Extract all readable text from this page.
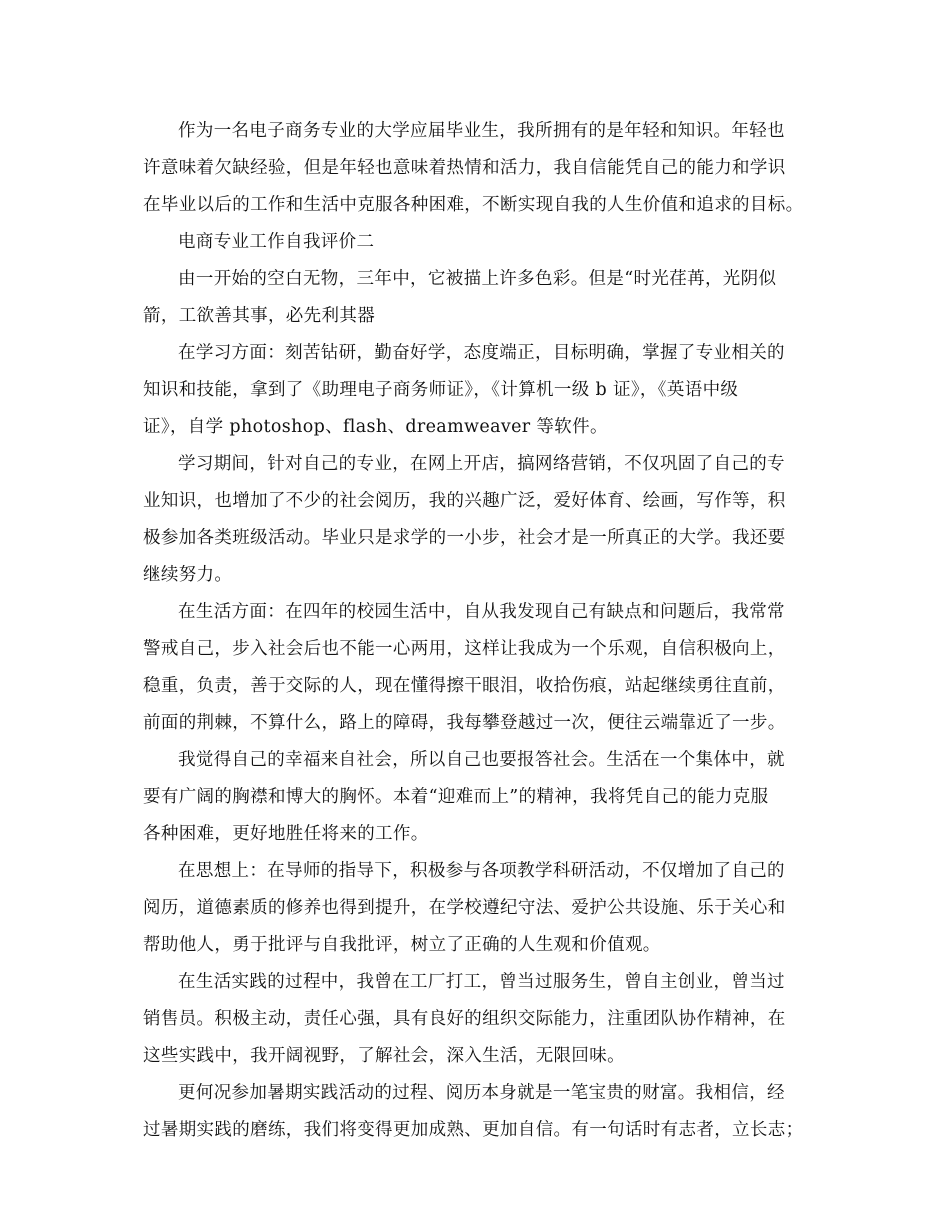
作为一名电子商务专业的大学应届毕业生，我所拥有的是年轻和知识。年轻也
许意味着欠缺经验，但是年轻也意味着热情和活力，我自信能凭自己的能力和学识
在毕业以后的工作和生活中克服各种困难，不断实现自我的人生价值和追求的目标。
电商专业工作自我评价二
由一开始的空白无物，三年中，它被描上许多色彩。但是“时光荏苒，光阴似
箭，工欲善其事，必先利其器
在学习方面：刻苦钻研，勤奋好学，态度端正，目标明确，掌握了专业相关的
知识和技能，拿到了《助理电子商务师证》，《计算机一级 b 证》，《英语中级
证》，自学 photoshop、flash、dreamweaver 等软件。
学习期间，针对自己的专业，在网上开店，搞网络营销，不仅巩固了自己的专
业知识，也增加了不少的社会阅历，我的兴趣广泛，爱好体育、绘画，写作等，积
极参加各类班级活动。毕业只是求学的一小步，社会才是一所真正的大学。我还要
继续努力。
在生活方面：在四年的校园生活中，自从我发现自己有缺点和问题后，我常常
警戒自己，步入社会后也不能一心两用，这样让我成为一个乐观，自信积极向上，
稳重，负责，善于交际的人，现在懂得擦干眼泪，收拾伤痕，站起继续勇往直前，
前面的荆棘，不算什么，路上的障碍，我每攀登越过一次，便往云端靠近了一步。
我觉得自己的幸福来自社会，所以自己也要报答社会。生活在一个集体中，就
要有广阔的胸襟和博大的胸怀。本着“迎难而上”的精神，我将凭自己的能力克服
各种困难，更好地胜任将来的工作。
在思想上：在导师的指导下，积极参与各项教学科研活动，不仅增加了自己的
阅历，道德素质的修养也得到提升，在学校遵纪守法、爱护公共设施、乐于关心和
帮助他人，勇于批评与自我批评，树立了正确的人生观和价值观。
在生活实践的过程中，我曾在工厂打工，曾当过服务生，曾自主创业，曾当过
销售员。积极主动，责任心强，具有良好的组织交际能力，注重团队协作精神，在
这些实践中，我开阔视野，了解社会，深入生活，无限回味。
更何况参加暑期实践活动的过程、阅历本身就是一笔宝贵的财富。我相信，经
过暑期实践的磨练，我们将变得更加成熟、更加自信。有一句话时有志者，立长志；
